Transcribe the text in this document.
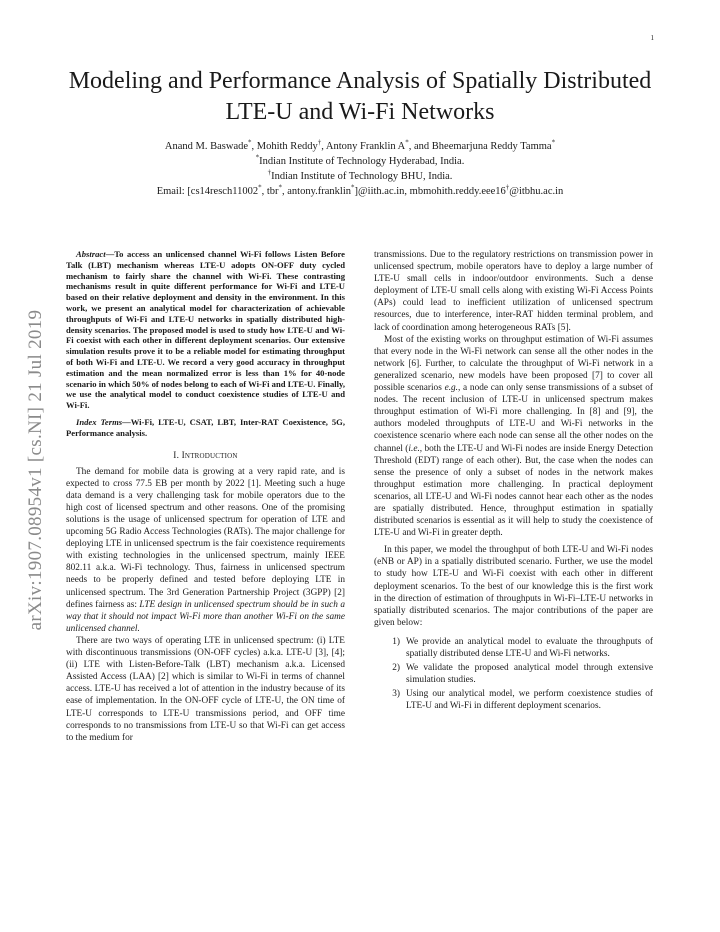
1
arXiv:1907.08954v1 [cs.NI] 21 Jul 2019
Modeling and Performance Analysis of Spatially Distributed LTE-U and Wi-Fi Networks
Anand M. Baswade*, Mohith Reddy†, Antony Franklin A*, and Bheemarjuna Reddy Tamma*
*Indian Institute of Technology Hyderabad, India.
†Indian Institute of Technology BHU, India.
Email: [cs14resch11002*, tbr*, antony.franklin*]@iith.ac.in, mbmohith.reddy.eee16†@itbhu.ac.in

Abstract—To access an unlicensed channel Wi-Fi follows Listen Before Talk (LBT) mechanism whereas LTE-U adopts ON-OFF duty cycled mechanism to fairly share the channel with Wi-Fi. These contrasting mechanisms result in quite different performance for Wi-Fi and LTE-U based on their relative deployment and density in the environment. In this work, we present an analytical model for characterization of achievable throughputs of Wi-Fi and LTE-U networks in spatially distributed high-density scenarios. The proposed model is used to study how LTE-U and Wi-Fi coexist with each other in different deployment scenarios. Our extensive simulation results prove it to be a reliable model for estimating throughput of both Wi-Fi and LTE-U. We record a very good accuracy in throughput estimation and the mean normalized error is less than 1% for 40-node scenario in which 50% of nodes belong to each of Wi-Fi and LTE-U. Finally, we use the analytical model to conduct coexistence studies of LTE-U and Wi-Fi.

Index Terms—Wi-Fi, LTE-U, CSAT, LBT, Inter-RAT Coexistence, 5G, Performance analysis.

I. Introduction

The demand for mobile data is growing at a very rapid rate, and is expected to cross 77.5 EB per month by 2022 [1]. Meeting such a huge data demand is a very challenging task for mobile operators due to the high cost of licensed spectrum and other reasons. One of the promising solutions is the usage of unlicensed spectrum for operation of LTE and upcoming 5G Radio Access Technologies (RATs). The major challenge for deploying LTE in unlicensed spectrum is the fair coexistence requirements with existing technologies in the unlicensed spectrum, mainly IEEE 802.11 a.k.a. Wi-Fi technology. Thus, fairness in unlicensed spectrum needs to be properly defined and tested before deploying LTE in unlicensed spectrum. The 3rd Generation Partnership Project (3GPP) [2] defines fairness as: LTE design in unlicensed spectrum should be in such a way that it should not impact Wi-Fi more than another Wi-Fi on the same unlicensed channel.

There are two ways of operating LTE in unlicensed spectrum: (i) LTE with discontinuous transmissions (ON-OFF cycles) a.k.a. LTE-U [3], [4]; (ii) LTE with Listen-Before-Talk (LBT) mechanism a.k.a. Licensed Assisted Access (LAA) [2] which is similar to Wi-Fi in terms of channel access. LTE-U has received a lot of attention in the industry because of its ease of implementation. In the ON-OFF cycle of LTE-U, the ON time of LTE-U corresponds to LTE-U transmissions period, and OFF time corresponds to no transmissions from LTE-U so that Wi-Fi can get access to the medium for

transmissions. Due to the regulatory restrictions on transmission power in unlicensed spectrum, mobile operators have to deploy a large number of LTE-U small cells in indoor/outdoor environments. Such a dense deployment of LTE-U small cells along with existing Wi-Fi Access Points (APs) could lead to inefficient utilization of unlicensed spectrum resources, due to interference, inter-RAT hidden terminal problem, and lack of coordination among heterogeneous RATs [5].

Most of the existing works on throughput estimation of Wi-Fi assumes that every node in the Wi-Fi network can sense all the other nodes in the network [6]. Further, to calculate the throughput of Wi-Fi network in a generalized scenario, new models have been proposed [7] to cover all possible scenarios e.g., a node can only sense transmissions of a subset of nodes. The recent inclusion of LTE-U in unlicensed spectrum makes throughput estimation of Wi-Fi more challenging. In [8] and [9], the authors modeled throughputs of LTE-U and Wi-Fi networks in the coexistence scenario where each node can sense all the other nodes on the channel (i.e., both the LTE-U and Wi-Fi nodes are inside Energy Detection Threshold (EDT) range of each other). But, the case when the nodes can sense the presence of only a subset of nodes in the network makes throughput estimation more challenging. In practical deployment scenarios, all LTE-U and Wi-Fi nodes cannot hear each other as the nodes are spatially distributed. Hence, throughput estimation in spatially distributed scenarios is essential as it will help to study the coexistence of LTE-U and Wi-Fi in greater depth.

In this paper, we model the throughput of both LTE-U and Wi-Fi nodes (eNB or AP) in a spatially distributed scenario. Further, we use the model to study how LTE-U and Wi-Fi coexist with each other in different deployment scenarios. To the best of our knowledge this is the first work in the direction of estimation of throughputs in Wi-Fi–LTE-U networks in spatially distributed scenarios. The major contributions of the paper are given below:

1) We provide an analytical model to evaluate the throughputs of spatially distributed dense LTE-U and Wi-Fi networks.
2) We validate the proposed analytical model through extensive simulation studies.
3) Using our analytical model, we perform coexistence studies of LTE-U and Wi-Fi in different deployment scenarios.
